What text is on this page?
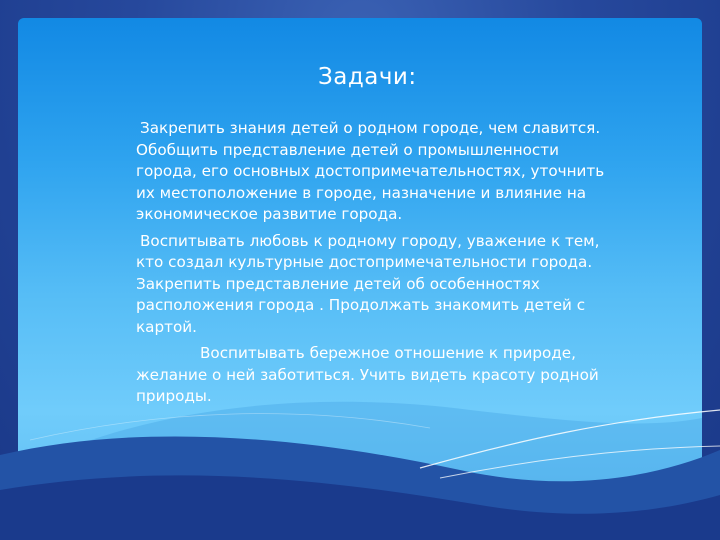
Задачи:

Закрепить знания детей о родном городе, чем славится. Обобщить представление детей о промышленности города, его основных достопримечательностях, уточнить их местоположение в городе, назначение и влияние на экономическое развитие города.

Воспитывать любовь к родному городу, уважение к тем, кто создал культурные достопримечательности города. Закрепить представление детей об особенностях расположения города . Продолжать знакомить детей с картой.

Воспитывать бережное отношение к природе, желание о ней заботиться. Учить видеть красоту родной природы.
